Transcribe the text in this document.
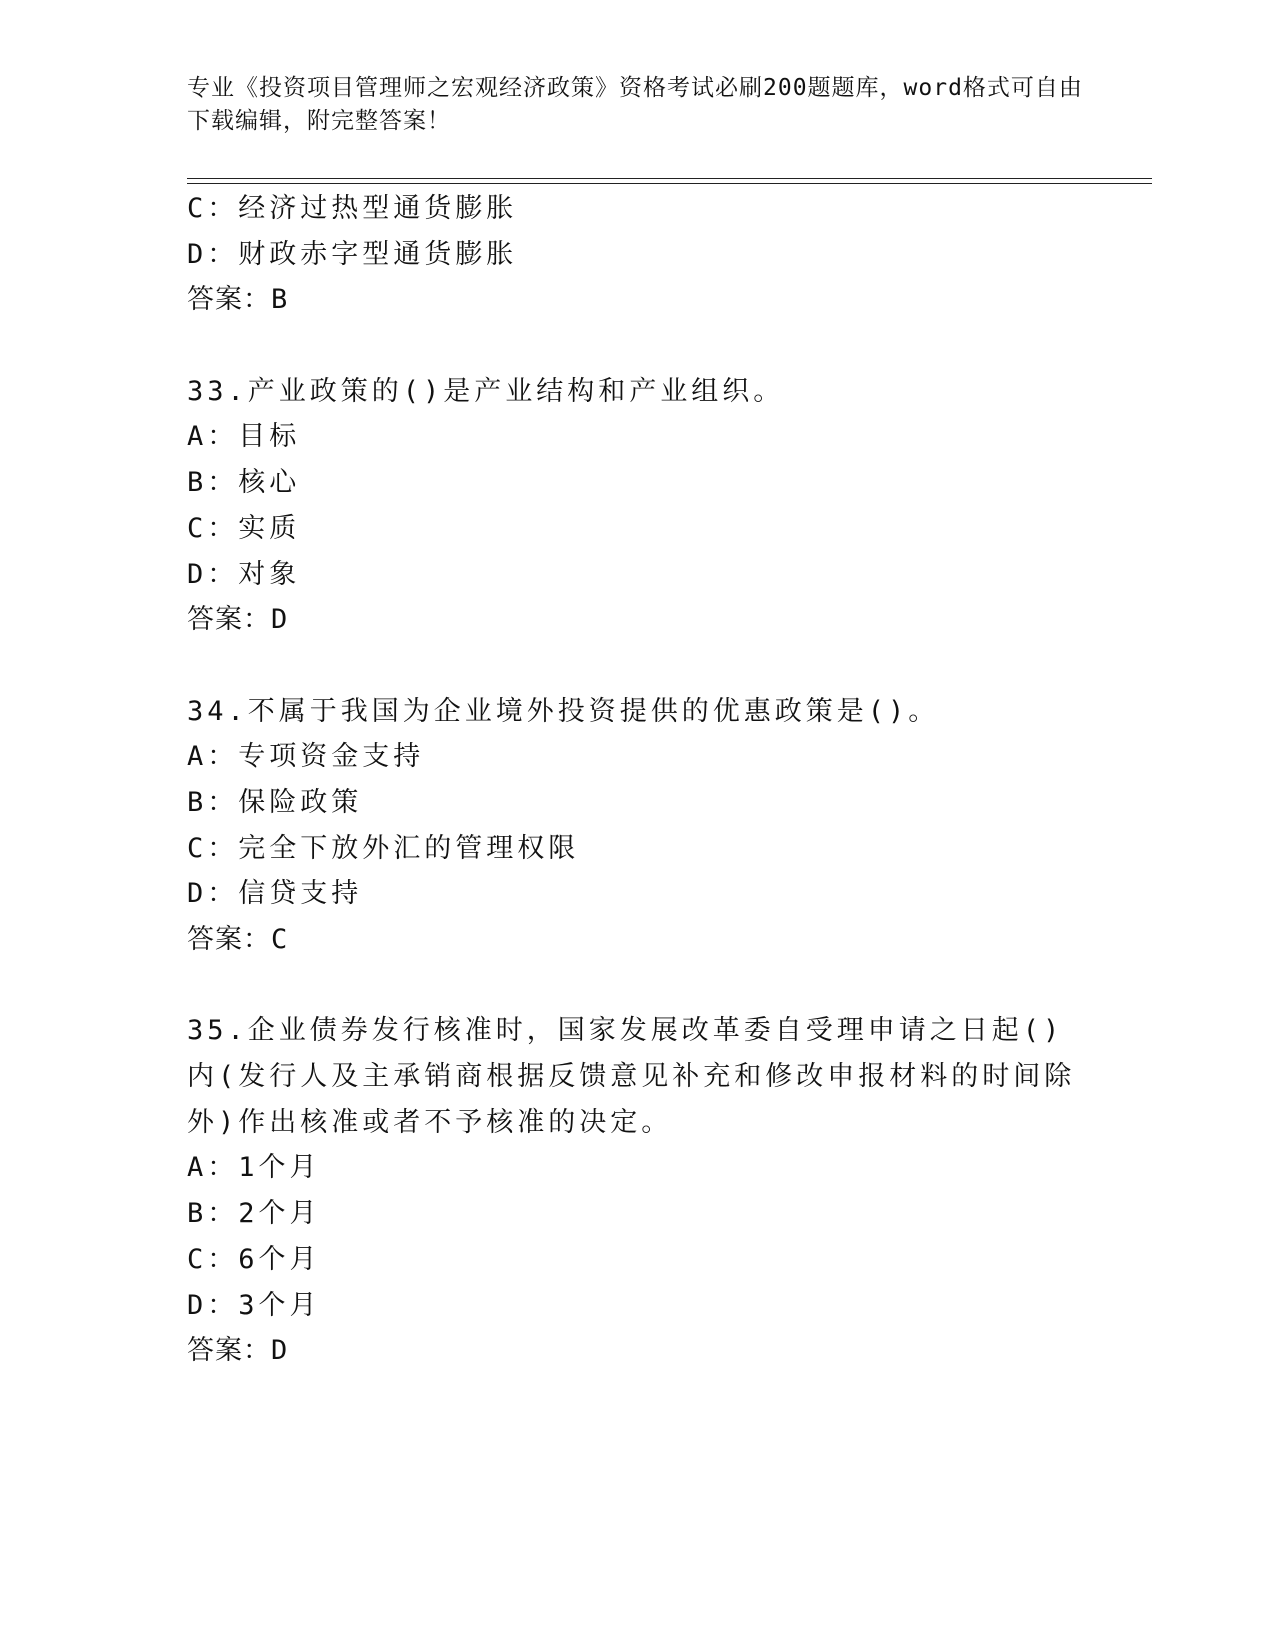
专业《投资项目管理师之宏观经济政策》资格考试必刷200题题库，word格式可自由下载编辑，附完整答案！
C：经济过热型通货膨胀
D：财政赤字型通货膨胀
答案：B
33.产业政策的()是产业结构和产业组织。
A：目标
B：核心
C：实质
D：对象
答案：D
34.不属于我国为企业境外投资提供的优惠政策是()。
A：专项资金支持
B：保险政策
C：完全下放外汇的管理权限
D：信贷支持
答案：C
35.企业债券发行核准时，国家发展改革委自受理申请之日起()内(发行人及主承销商根据反馈意见补充和修改申报材料的时间除外)作出核准或者不予核准的决定。
A：1个月
B：2个月
C：6个月
D：3个月
答案：D
